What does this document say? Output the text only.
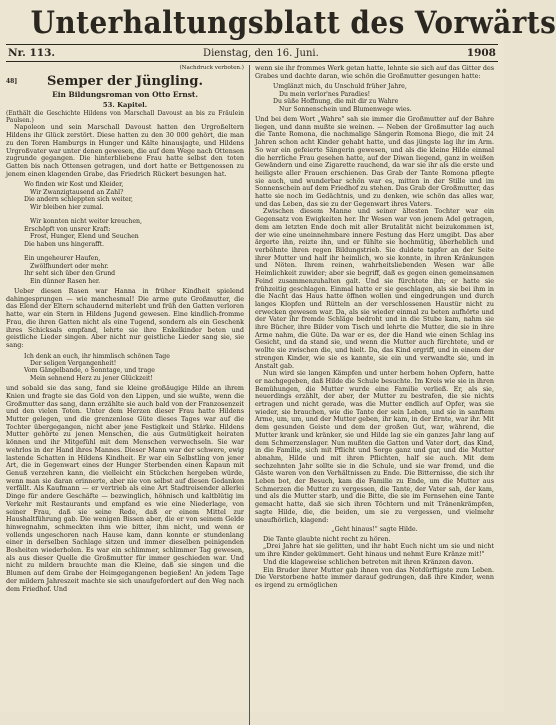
Unterhaltungsblatt des Vorwärts
Nr. 113.	Dienstag, den 16. Juni.	1908
(Nachdruck verboten.)
48]	Semper der Jüngling.
Ein Bildungsroman von Otto Ernst.
53. Kapitel.

(Enthält die Geschichte Hildens von Marschall Davoust an bis zu Fräulein Paulsen.)

Napoleon und sein Marschall Davoust hatten den Urgroßeltern Hildens ihr Glück zerstört. Diese hatten zu den 30 000 gehört, die man zu den Toren Hamburgs in Hunger und Kälte hinausjagte, und Hildens Urgroßvater war unter denen gewesen, die auf dem Wege nach Ottensen zugrunde gegangen. Die hinterbliebene Frau hatte selbst den toten Gatten bis nach Ottensen getragen, und dort hatte er Bettgenossen zu jenem einen klagenden Grabe, das Friedrich Rückert besungen hat.

Wo finden wir Kost und Kleider,
Wir Zwanzigtausend an Zahl?
Die andern schleppten sich weiter,
Wir bleiben hier zumal.

Wir konnten nicht weiter kreuchen,
Erschöpft von unsrer Kraft:
Frost, Hunger, Elend und Seuchen
Die haben uns hingerafft.

Ein ungeheurer Haufen,
Zwölfhundert oder mehr.
Ihr seht sich über den Grund
Ein dünner Rasen her.

Ueber diesen Rasen war Hanna in früher Kindheit spielend dahingesprungen — wie manchesmal! Die arme gute Großmutter, die das Elend der Eltern schaudernd miterlebt und früh den Gatten verloren hatte, war ein Stern in Hildens Jugend gewesen. Eine kindlich-fromme Frau, die ihren Gatten nicht als eine Tugend, sondern als ein Geschenk ihres Schicksals empfand, lehrte sie ihre Enkelkinder beten und geistliche Lieder singen. Aber nicht nur geistliche Lieder sang sie, sie sang:

Ich denk an euch, ihr himmlisch schönen Tage
Der seligen Vergangenheit!
Vom Gängelbande, o Sonntage, und trage
Mein sehnend Herz zu jener Glückzeit!

und sobald sie das sang, fand sie kleine großäugige Hilde an ihrem Knien und fragte sie das Gold von den Lippen, und sie wußte, wenn die Großmutter das sang, dann erzählte sie auch bald von der Franzosenzeit und den vielen Toten. Unter dem Herzen dieser Frau hatte Hildens Mutter gelegen, und die grenzenlose Güte dieses Tages war auf die Tochter übergegangen, nicht aber jene Festigkeit und Stärke. Hildens Mutter gehörte zu jenen Menschen, die aus Gutmütigkeit heiraten können und ihr Mitgefühl mit dem Menschen verwechseln. Sie war wehrlos in der Hand ihres Mannes. Dieser Mann war der schwere, ewig lastende Schatten in Hildens Kindheit. Er war ein Selbstling von jener Art, die in Gegenwart eines der Hunger Sterbenden einen Kapaun mit Genuß verzehren kann, die vielleicht ein Stückchen hergeben würde, wenn man sie daran erinnerte, aber nie von selbst auf diesen Gedanken verfällt. Als Kaufmann — er vertrieb als eine Art Stadtreisender allerlei Dinge für andere Geschäfte — bezwinglich, höhnisch und kaltblütig im Verkehr mit Restaurants und empfand es wie eine Niederlage, von seiner Frau, daß sie seine Rede, daß er einem Mittel zur Haushaltführung gab. Die wenigen Bissen aber, die er von seinem Gelde hinwegnahm, schmeckten ihm wie bitter, ihm nicht, und wenn er vollends ungeschoren nach Hause kam, dann konnte er stundenlang einer in derselben Sachlage sitzen und immer dieselben peinigenden Bosheiten wiederholen. Es war ein schlimmer, schlimmer Tag gewesen, als aus dieser Quelle die Großmutter für immer geschieden war. Und nicht zu mildern brauchte man die Kleine, daß sie singen und die Blumen auf dem Grabe der Heimgegangenen begießen! An jedem Tage der mildern Jahreszeit machte sie sich unaufgefordert auf den Weg nach dem Friedhof. Und

wenn sie ihr frommes Werk getan hatte, lehnte sie sich auf das Gitter des Grabes und dachte daran, wie schön die Großmutter gesungen hatte:

Umglänzt mich, du Unschuld früher Jahre,
Du mein verlor'nes Paradies!
Du süße Hoffnung, die mit dir zu Wahre
Nur Sonnenschein und Blumenwege wies.

Und bei dem Wort „Wahre" sah sie immer die Großmutter auf der Bahre liegen, und dann mußte sie weinen. — Neben der Großmutter lag auch die Tante Romona, die nachmalige Sängerin Romona Biego, die mit 24 Jahren schon acht Kinder gehabt hatte, und das jüngste lag ihr im Arm. So war ein gefeierte Sängerin gewesen, und als die kleine Hilde einmal die herrliche Frau gesehen hatte, auf der Diwan liegend, ganz in weißen Gewändern und eine Zigarette rauchend, da war sie ihr als die erste und heiligste aller Frauen erschienen. Das Grab der Tante Romona pflegte sie auch, und wunderbar schön war es, mitten in der Stille und im Sonnenschein auf dem Friedhof zu stehen. Das Grab der Großmutter, das hatte sie noch im Gedächtnis, und zu denken, wie schön das alles war, und das Leben, das sie zu der Gegenwart ihres Vaters.

Zwischen diesem Manne und seiner ältesten Tochter war ein Gegensatz von Ewigkeiten her. Ihr Wesen war von jenem Adel getragen, dem am letzten Ende doch mit aller Brutalität nicht beizukommen ist, der wie eine uneinnehmbare innere Festung das Herz umgibt. Das aber ärgerte ihn, reizte ihn, und er fühlte sie hochmütig, überheblich und verböhnte ihren regen Bildungstrieb. Sie duldete tapfer an der Seite ihrer Mutter und half ihr heimlich, wo sie konnte, in ihren Kränkungen und Nöten. Ihrem reinen, wahrheitsliebenden Wesen war alle Heimlichkeit zuwider; aber sie begriff, daß es gegen einen gemeinsamen Feind zusammenzuhalten galt. Und sie fürchtete ihn; er hatte sie frühzeitig geschlagen. Einmal hatte er sie geschlagen, als sie bei ihm in die Nacht das Haus hatte öffnen wollen und eingedrungen und durch langes Klopfen und Rütteln an der verschlossenen Haustür nicht zu erwecken gewesen war. Da, als sie wieder einmal zu beten aufhörte und der Vater ihr fremde Schläge bedroht und in die Stube kam, nahm sie ihre Bücher, ihre Bilder vom Tisch und lehrte die Mutter, die sie in ihre Arme nahm, die Güte. Da war er es, der die Hand wie einen Schlag ins Gesicht, und da stand sie, und wenn die Mutter auch fürchtete, und er wollte sie zwischen die, und hielt. Da, das Kind ergriff, und in einem der strengen Kinder, wie sie es kannte, sie ein und verwandte sie, und in Anstalt gab.

Nun wird sie langen Kämpfen und unter herbem hohen Opfern, hatte er nachgegeben, daß Hilde die Schule besuchte. Im Kreis wie sie in ihren Bemühungen, die Mutter wurde eine Familie verließ. Er, als sie, neuerdings erzählt, der aber, der Mutter zu bestrafen, die sie nichts ertragen und nicht gerade, was die Mutter endlich auf Opfer, was sie wieder, sie brauchen, wie die Tante der sein Leben, und sie in sanftem Arme, um, um, und der Mutter geben, ihr kam, in der Ernte, war ihr. Mit dem gesunden Geiste und dem der großen Gut, war, während, die Mutter krank und kränker, sie und Hilde lag sie ein ganzes Jahr lang auf dem Schmerzenslager. Nun mußten die Gatten und Vater dort, das Kind, in die Familie, sich mit Pflicht und Sorge ganz und gar, und die Mutter abnahm, Hilde und mit ihren Pflichten, half sie auch. Mit dem sechzehnten Jahr sollte sie in die Schule, und sie war fremd, und die Gäste waren von den Verhältnissen zu Ende. Die Bitternisse, die sich ihr Leben bot, der Besuch, kam die Familie zu Ende, um die Mutter aus Schmerzen die Mutter zu vergessen, die Tante, der Vater sah, der kam, und als die Mutter starb, und die Bitte, die sie im Fernsehen eine Tante gemacht hatte, daß sie sich ihren Töchtern und mit Tränenkrämpfen, sagte Hilde, die, die beiden, um sie zu vergessen, und vielmehr unaufhörlich, klagend:

„Geht hinaus!" sagte Hilde.

Die Tante glaubte nicht recht zu hören.

„Drei Jahre hat sie gelitten, und ihr habt Euch nicht um sie und nicht um ihre Kinder gekümmert. Geht hinaus und nehmt Eure Kränze mit!"

Und die klageweise schlichen betreten mit ihren Kränzen davon.

Ein Bruder ihrer Mutter gab ihnen von das Notdürftigste zum Leben. Die Verstorbene hatte immer darauf gedrungen, daß ihre Kinder, wenn es irgend zu ermöglichen
